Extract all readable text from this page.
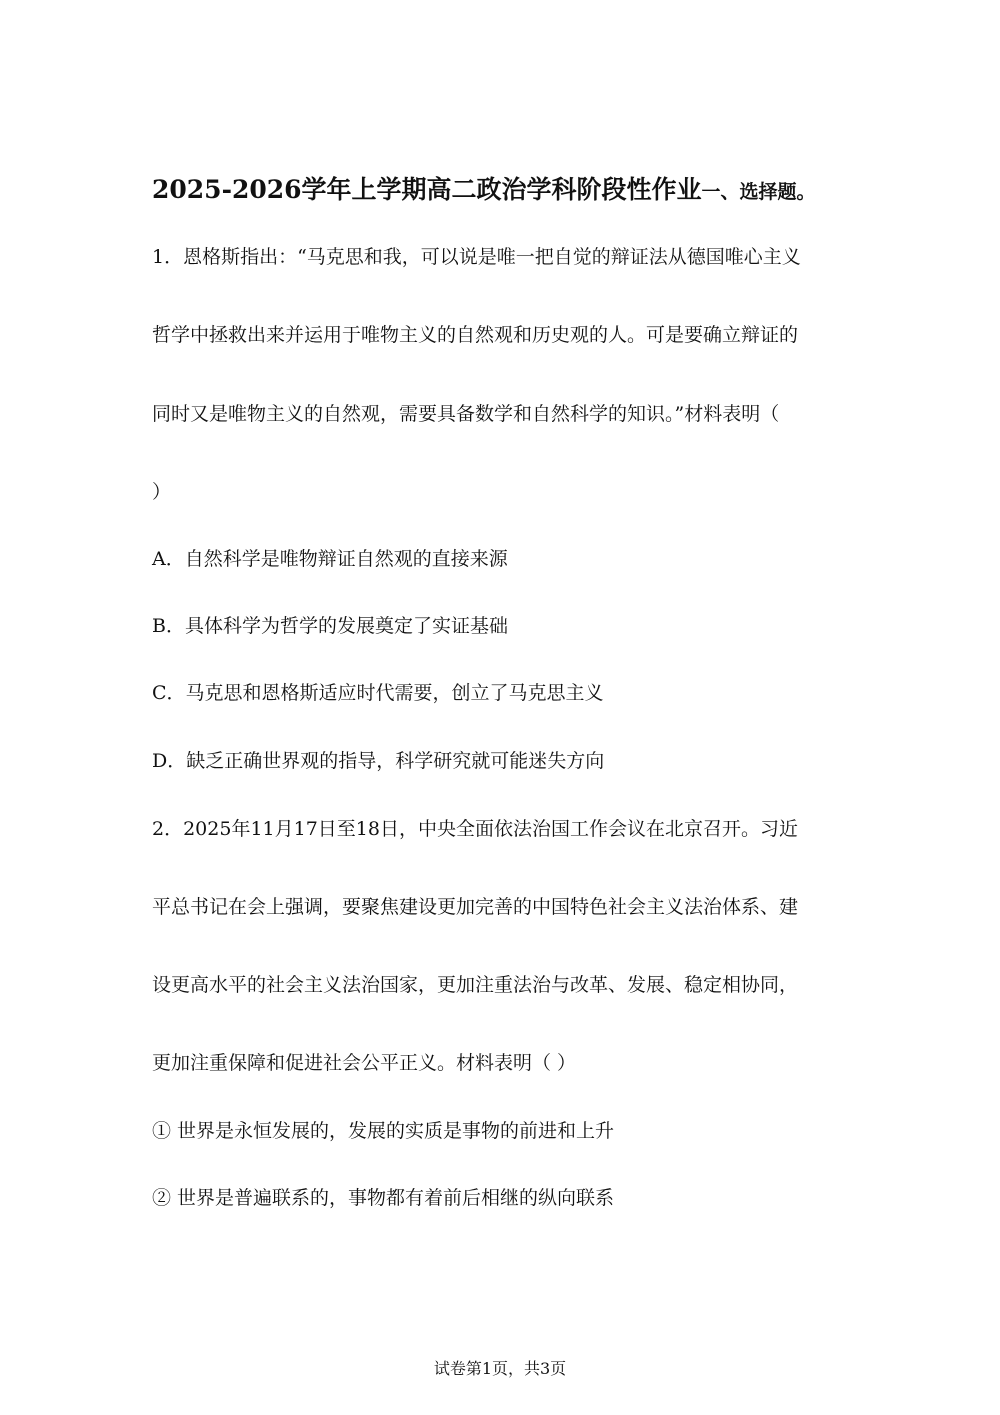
2025-2026学年上学期高二政治学科阶段性作业一、选择题。
1．恩格斯指出：“马克思和我，可以说是唯一把自觉的辩证法从德国唯心主义
哲学中拯救出来并运用于唯物主义的自然观和历史观的人。可是要确立辩证的
同时又是唯物主义的自然观，需要具备数学和自然科学的知识。”材料表明（
）
A．自然科学是唯物辩证自然观的直接来源
B．具体科学为哲学的发展奠定了实证基础
C．马克思和恩格斯适应时代需要，创立了马克思主义
D．缺乏正确世界观的指导，科学研究就可能迷失方向
2．2025年11月17日至18日，中央全面依法治国工作会议在北京召开。习近
平总书记在会上强调，要聚焦建设更加完善的中国特色社会主义法治体系、建
设更高水平的社会主义法治国家，更加注重法治与改革、发展、稳定相协同，
更加注重保障和促进社会公平正义。材料表明（ ）
① 世界是永恒发展的，发展的实质是事物的前进和上升
② 世界是普遍联系的，事物都有着前后相继的纵向联系
试卷第1页，共3页
